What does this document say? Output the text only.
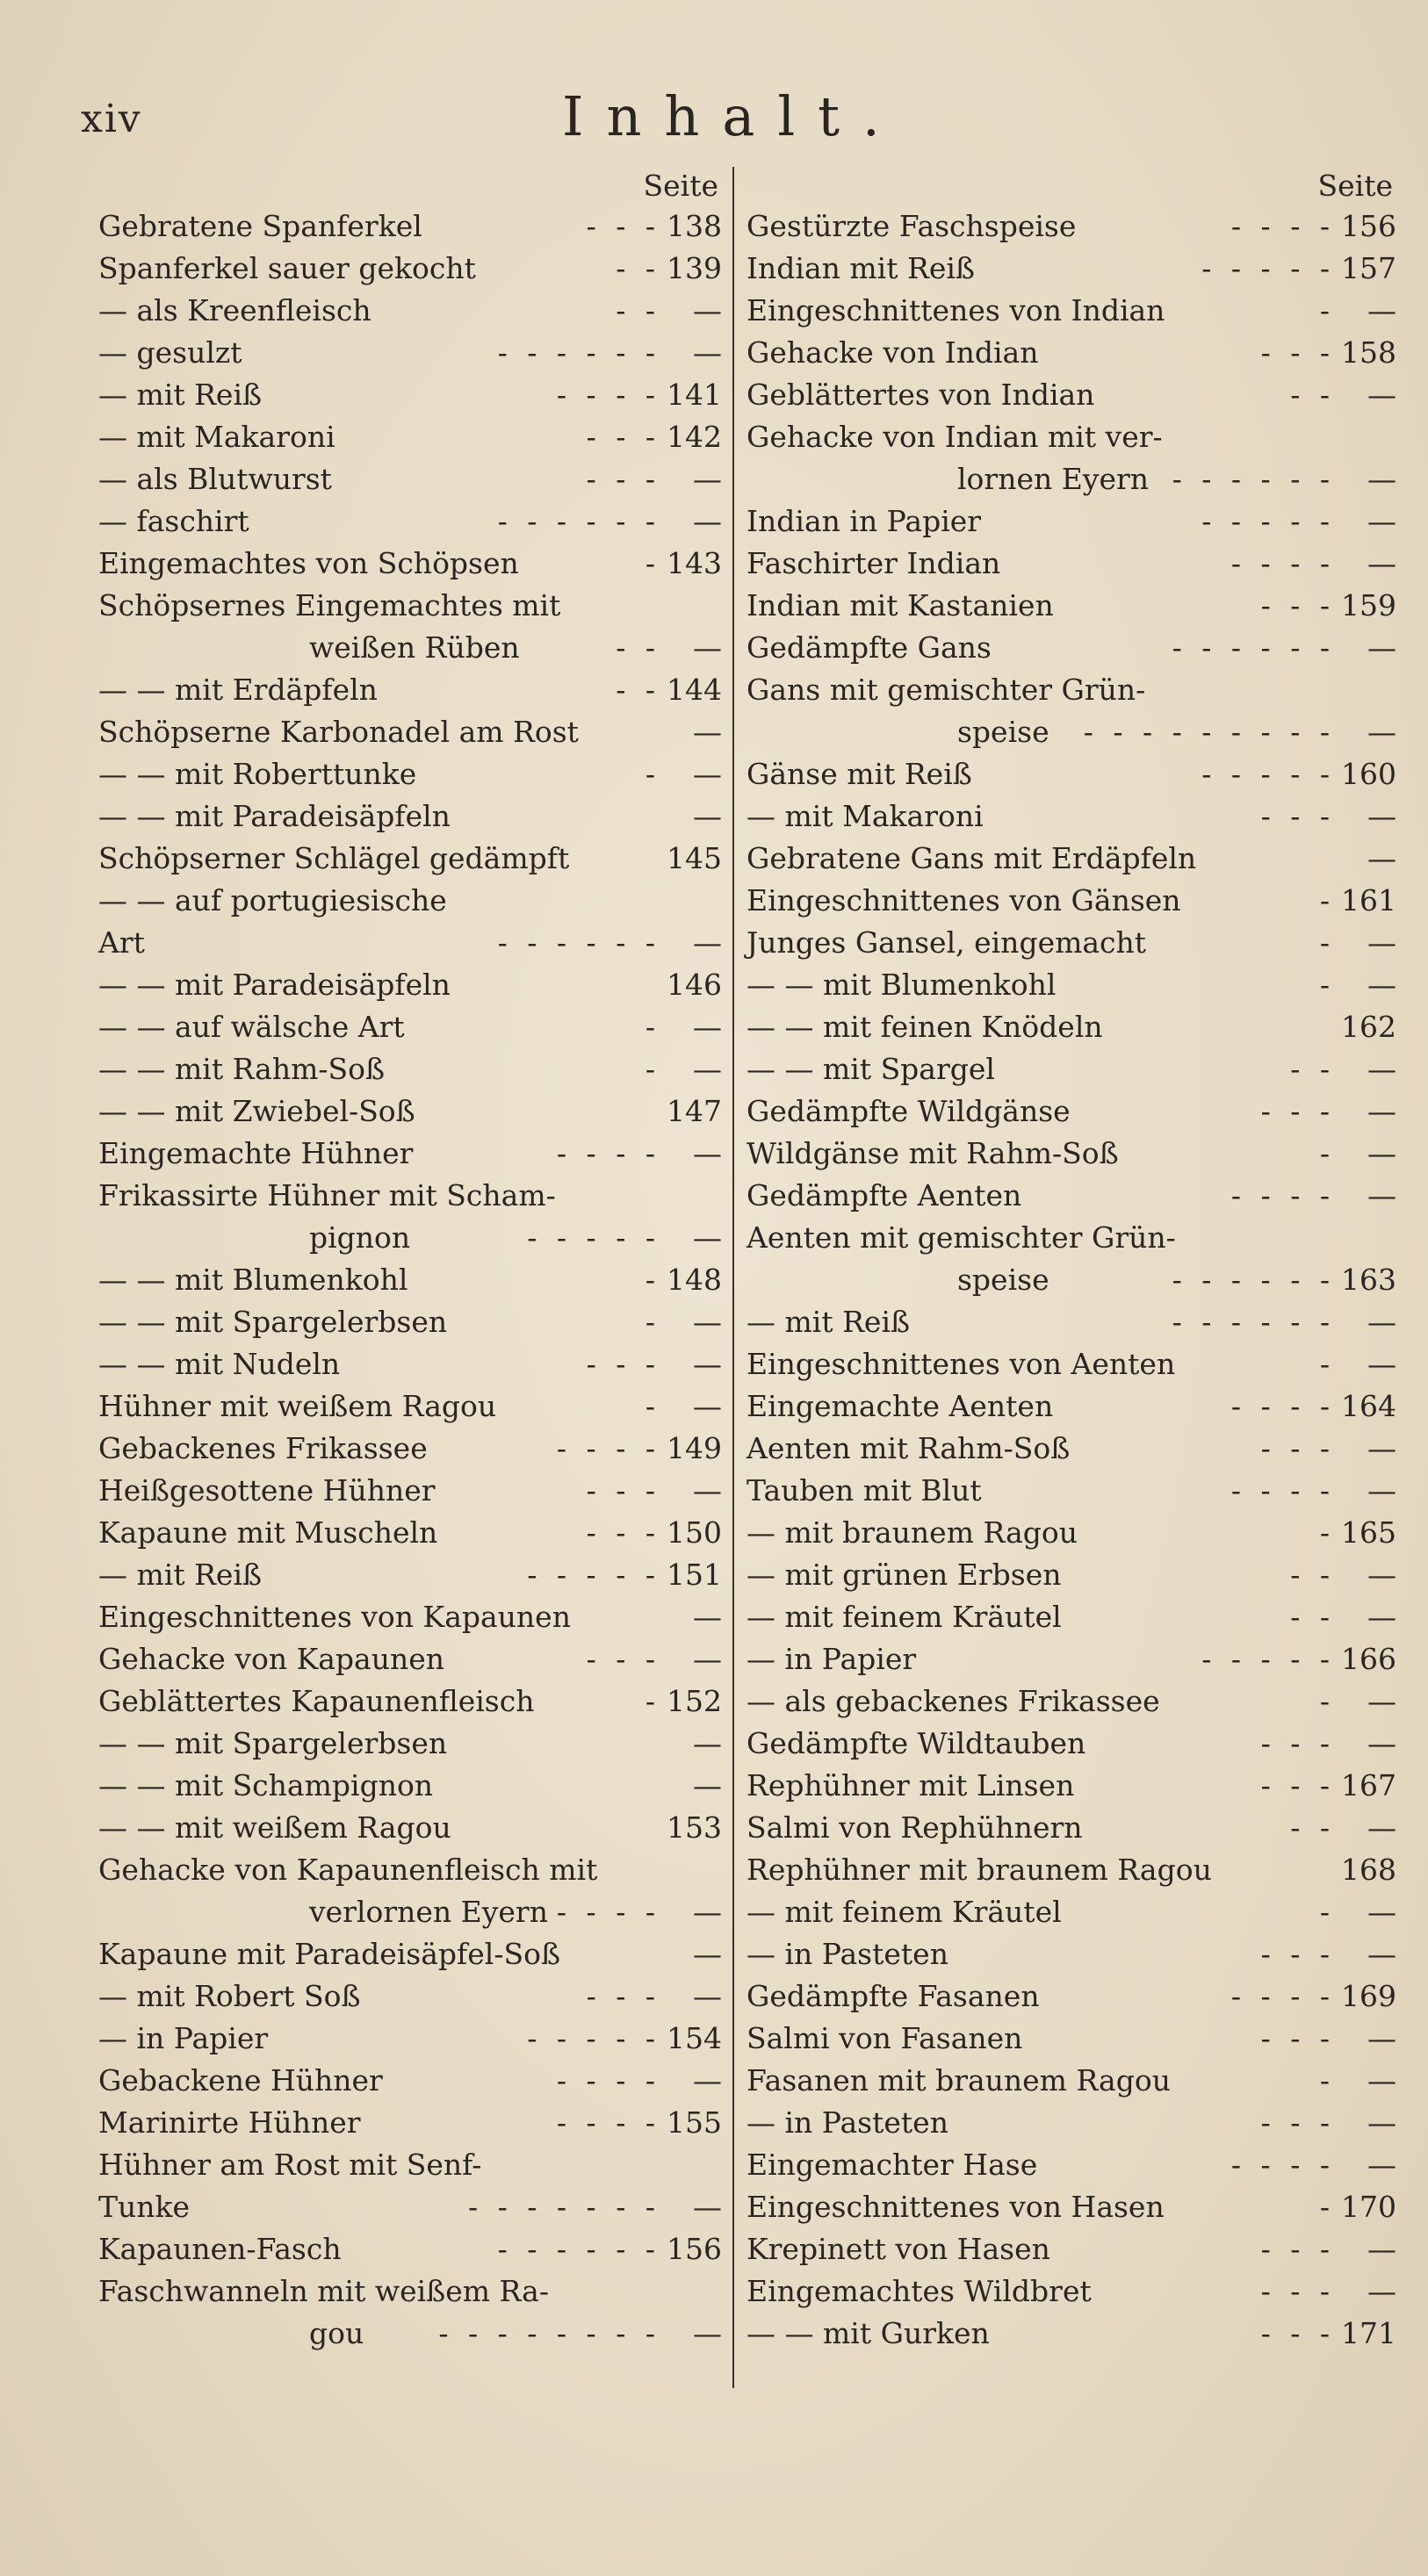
xiv	Inhalt.
Seite
Gebratene Spanferkel	- - - 138
Spanferkel sauer gekocht	- - 139
— als Kreenfleisch	- -	—
— gesulzt	- - - - - -	—
— mit Reiß	- - - - 141
— mit Makaroni	- - - 142
— als Blutwurst	- - -	—
— faschirt	- - - - - -	—
Eingemachtes von Schöpsen	- 143
Schöpsernes Eingemachtes mit
weißen Rüben	- -	—
— — mit Erdäpfeln	- - 144
Schöpserne Karbonadel am Rost	—
— — mit Roberttunke	-	—
— — mit Paradeisäpfeln	—
Schöpserner Schlägel gedämpft	145
— — auf portugiesische
Art	- - - - - -	—
— — mit Paradeisäpfeln	146
— — auf wälsche Art	-	—
— — mit Rahm-Soß	-	—
— — mit Zwiebel-Soß	147
Eingemachte Hühner	- - - -	—
Frikassirte Hühner mit Scham-
pignon	- - - - -	—
— — mit Blumenkohl	- 148
— — mit Spargelerbsen	-	—
— — mit Nudeln	- - -	—
Hühner mit weißem Ragou	-	—
Gebackenes Frikassee	- - - - 149
Heißgesottene Hühner	- - -	—
Kapaune mit Muscheln	- - - 150
— mit Reiß	- - - - - 151
Eingeschnittenes von Kapaunen	—
Gehacke von Kapaunen	- - -	—
Geblättertes Kapaunenfleisch	- 152
— — mit Spargelerbsen	—
— — mit Schampignon	—
— — mit weißem Ragou	153
Gehacke von Kapaunenfleisch mit
verlornen Eyern - - - -	—
Kapaune mit Paradeisäpfel-Soß	—
— mit Robert Soß	- - -	—
— in Papier	- - - - - 154
Gebackene Hühner	- - - -	—
Marinirte Hühner	- - - - 155
Hühner am Rost mit Senf-
Tunke	- - - - - - -	—
Kapaunen-Fasch	- - - - - - 156
Faschwanneln mit weißem Ra-
gou	- - - - - - - -	—
Seite
Gestürzte Faschspeise	- - - - 156
Indian mit Reiß	- - - - - 157
Eingeschnittenes von Indian	-	—
Gehacke von Indian	- - - 158
Geblättertes von Indian	- -	—
Gehacke von Indian mit ver-
lornen Eyern - - - - - -	—
Indian in Papier	- - - - -	—
Faschirter Indian	- - - -	—
Indian mit Kastanien	- - - 159
Gedämpfte Gans	- - - - - -	—
Gans mit gemischter Grün-
speise	- - - - - - - - -	—
Gänse mit Reiß	- - - - - 160
— mit Makaroni	- - -	—
Gebratene Gans mit Erdäpfeln	—
Eingeschnittenes von Gänsen	- 161
Junges Gansel, eingemacht	-	—
— — mit Blumenkohl	-	—
— — mit feinen Knödeln	162
— — mit Spargel	- -	—
Gedämpfte Wildgänse	- - -	—
Wildgänse mit Rahm-Soß	-	—
Gedämpfte Aenten	- - - -	—
Aenten mit gemischter Grün-
speise	- - - - - - 163
— mit Reiß	- - - - - -	—
Eingeschnittenes von Aenten	-	—
Eingemachte Aenten	- - - - 164
Aenten mit Rahm-Soß	- - -	—
Tauben mit Blut	- - - -	—
— mit braunem Ragou	- 165
— mit grünen Erbsen	- -	—
— mit feinem Kräutel	- -	—
— in Papier	- - - - - 166
— als gebackenes Frikassee	-	—
Gedämpfte Wildtauben	- - -	—
Rephühner mit Linsen	- - - 167
Salmi von Rephühnern	- -	—
Rephühner mit braunem Ragou	168
— mit feinem Kräutel	-	—
— in Pasteten	- - -	—
Gedämpfte Fasanen	- - - - 169
Salmi von Fasanen	- - -	—
Fasanen mit braunem Ragou	-	—
— in Pasteten	- - -	—
Eingemachter Hase	- - - -	—
Eingeschnittenes von Hasen	- 170
Krepinett von Hasen	- - -	—
Eingemachtes Wildbret	- - -	—
— — mit Gurken	- - - 171
